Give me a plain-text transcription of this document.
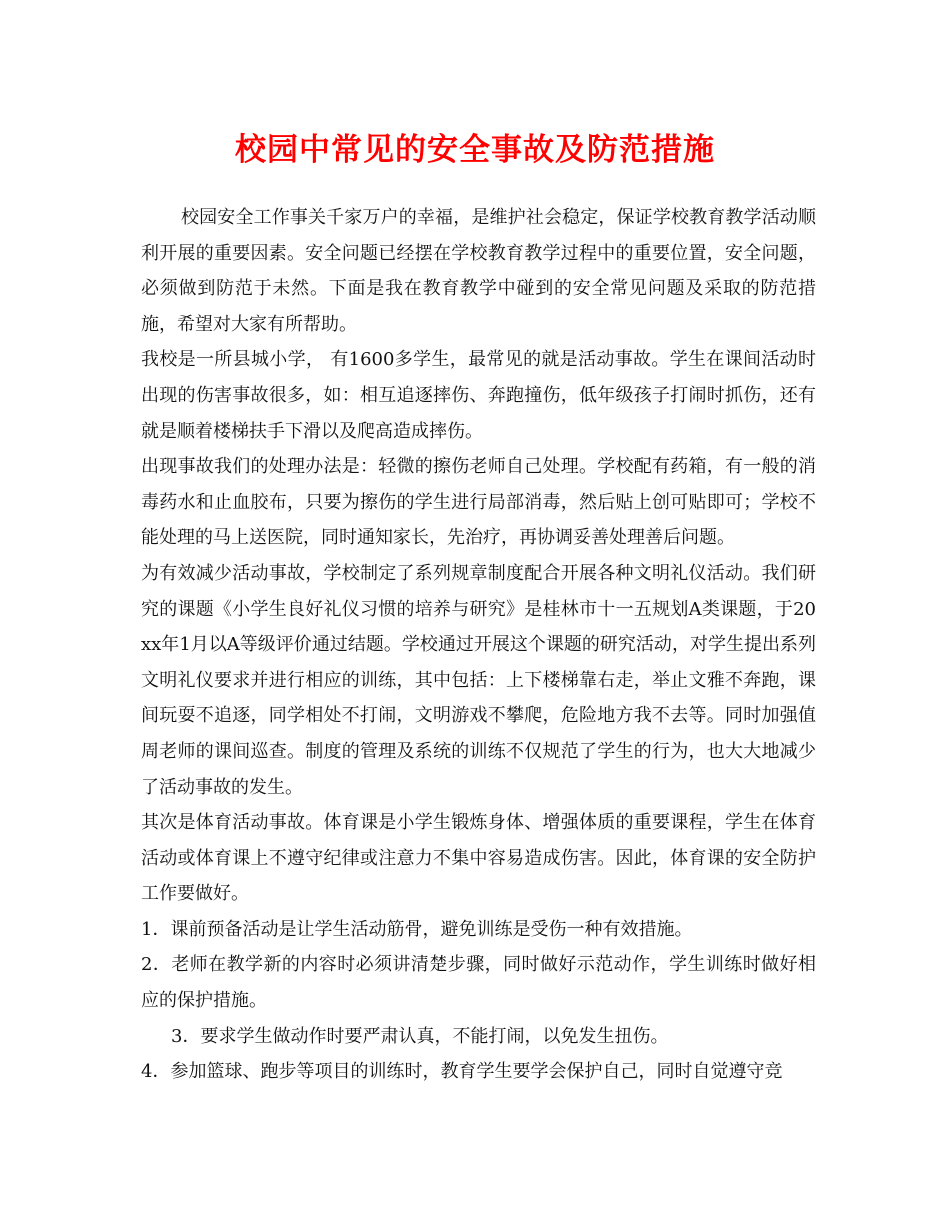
校园中常见的安全事故及防范措施

校园安全工作事关千家万户的幸福，是维护社会稳定，保证学校教育教学活动顺利开展的重要因素。安全问题已经摆在学校教育教学过程中的重要位置，安全问题，必须做到防范于未然。下面是我在教育教学中碰到的安全常见问题及采取的防范措施，希望对大家有所帮助。

我校是一所县城小学， 有1600多学生，最常见的就是活动事故。学生在课间活动时出现的伤害事故很多，如：相互追逐摔伤、奔跑撞伤，低年级孩子打闹时抓伤，还有就是顺着楼梯扶手下滑以及爬高造成摔伤。

出现事故我们的处理办法是：轻微的擦伤老师自己处理。学校配有药箱，有一般的消毒药水和止血胶布，只要为擦伤的学生进行局部消毒，然后贴上创可贴即可；学校不能处理的马上送医院，同时通知家长，先治疗，再协调妥善处理善后问题。

为有效减少活动事故，学校制定了系列规章制度配合开展各种文明礼仪活动。我们研究的课题《小学生良好礼仪习惯的培养与研究》是桂林市十一五规划A类课题，于20xx年1月以A等级评价通过结题。学校通过开展这个课题的研究活动，对学生提出系列文明礼仪要求并进行相应的训练，其中包括：上下楼梯靠右走，举止文雅不奔跑，课间玩耍不追逐，同学相处不打闹，文明游戏不攀爬，危险地方我不去等。同时加强值周老师的课间巡查。制度的管理及系统的训练不仅规范了学生的行为，也大大地减少了活动事故的发生。

其次是体育活动事故。体育课是小学生锻炼身体、增强体质的重要课程，学生在体育活动或体育课上不遵守纪律或注意力不集中容易造成伤害。因此，体育课的安全防护工作要做好。

1．课前预备活动是让学生活动筋骨，避免训练是受伤一种有效措施。

2．老师在教学新的内容时必须讲清楚步骤，同时做好示范动作，学生训练时做好相应的保护措施。

3．要求学生做动作时要严肃认真，不能打闹，以免发生扭伤。

4．参加篮球、跑步等项目的训练时，教育学生要学会保护自己，同时自觉遵守竞
